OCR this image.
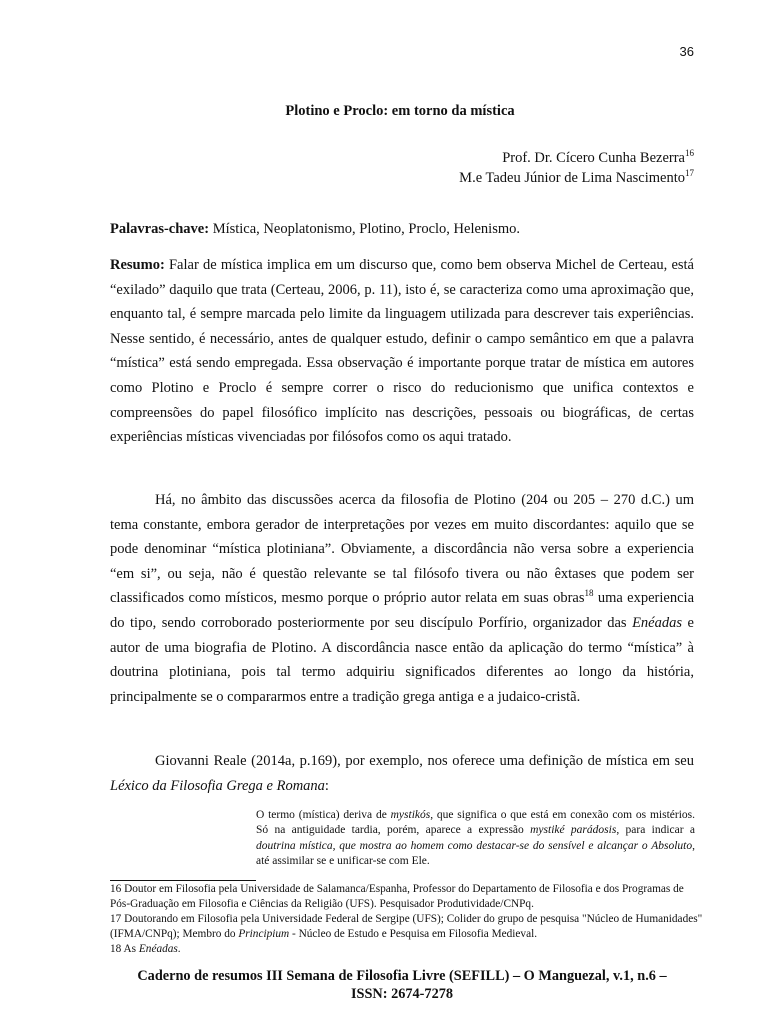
36
Plotino e Proclo: em torno da mística
Prof. Dr. Cícero Cunha Bezerra$^{16}$
M.e Tadeu Júnior de Lima Nascimento$^{17}$

Palavras-chave: Mística, Neoplatonismo, Plotino, Proclo, Helenismo.

Resumo: Falar de mística implica em um discurso que, como bem observa Michel de Certeau, está “exilado” daquilo que trata (Certeau, 2006, p. 11), isto é, se caracteriza como uma aproximação que, enquanto tal, é sempre marcada pelo limite da linguagem utilizada para descrever tais experiências. Nesse sentido, é necessário, antes de qualquer estudo, definir o campo semântico em que a palavra “mística” está sendo empregada. Essa observação é importante porque tratar de mística em autores como Plotino e Proclo é sempre correr o risco do reducionismo que unifica contextos e compreensões do papel filosófico implícito nas descrições, pessoais ou biográficas, de certas experiências místicas vivenciadas por filósofos como os aqui tratado.

Há, no âmbito das discussões acerca da filosofia de Plotino (204 ou 205 – 270 d.C.) um tema constante, embora gerador de interpretações por vezes em muito discordantes: aquilo que se pode denominar “mística plotiniana”. Obviamente, a discordância não versa sobre a experiencia “em si”, ou seja, não é questão relevante se tal filósofo tivera ou não êxtases que podem ser classificados como místicos, mesmo porque o próprio autor relata em suas obras$^{18}$ uma experiencia do tipo, sendo corroborado posteriormente por seu discípulo Porfírio, organizador das Enéadas e autor de uma biografia de Plotino. A discordância nasce então da aplicação do termo “mística” à doutrina plotiniana, pois tal termo adquiriu significados diferentes ao longo da história, principalmente se o compararmos entre a tradição grega antiga e a judaico-cristã.

Giovanni Reale (2014a, p.169), por exemplo, nos oferece uma definição de mística em seu Léxico da Filosofia Grega e Romana:

O termo (mística) deriva de mystikós, que significa o que está em conexão com os mistérios. Só na antiguidade tardia, porém, aparece a expressão mystiké parádosis, para indicar a doutrina mística, que mostra ao homem como destacar-se do sensível e alcançar o Absoluto, até assimilar se e unificar-se com Ele.

16 Doutor em Filosofia pela Universidade de Salamanca/Espanha, Professor do Departamento de Filosofia e dos Programas de Pós-Graduação em Filosofia e Ciências da Religião (UFS). Pesquisador Produtividade/CNPq.

17 Doutorando em Filosofia pela Universidade Federal de Sergipe (UFS); Colider do grupo de pesquisa "Núcleo de Humanidades" (IFMA/CNPq); Membro do Principium - Núcleo de Estudo e Pesquisa em Filosofia Medieval.

18 As Enéadas.

Caderno de resumos III Semana de Filosofia Livre (SEFILL) – O Manguezal, v.1, n.6 –
ISSN: 2674-7278
